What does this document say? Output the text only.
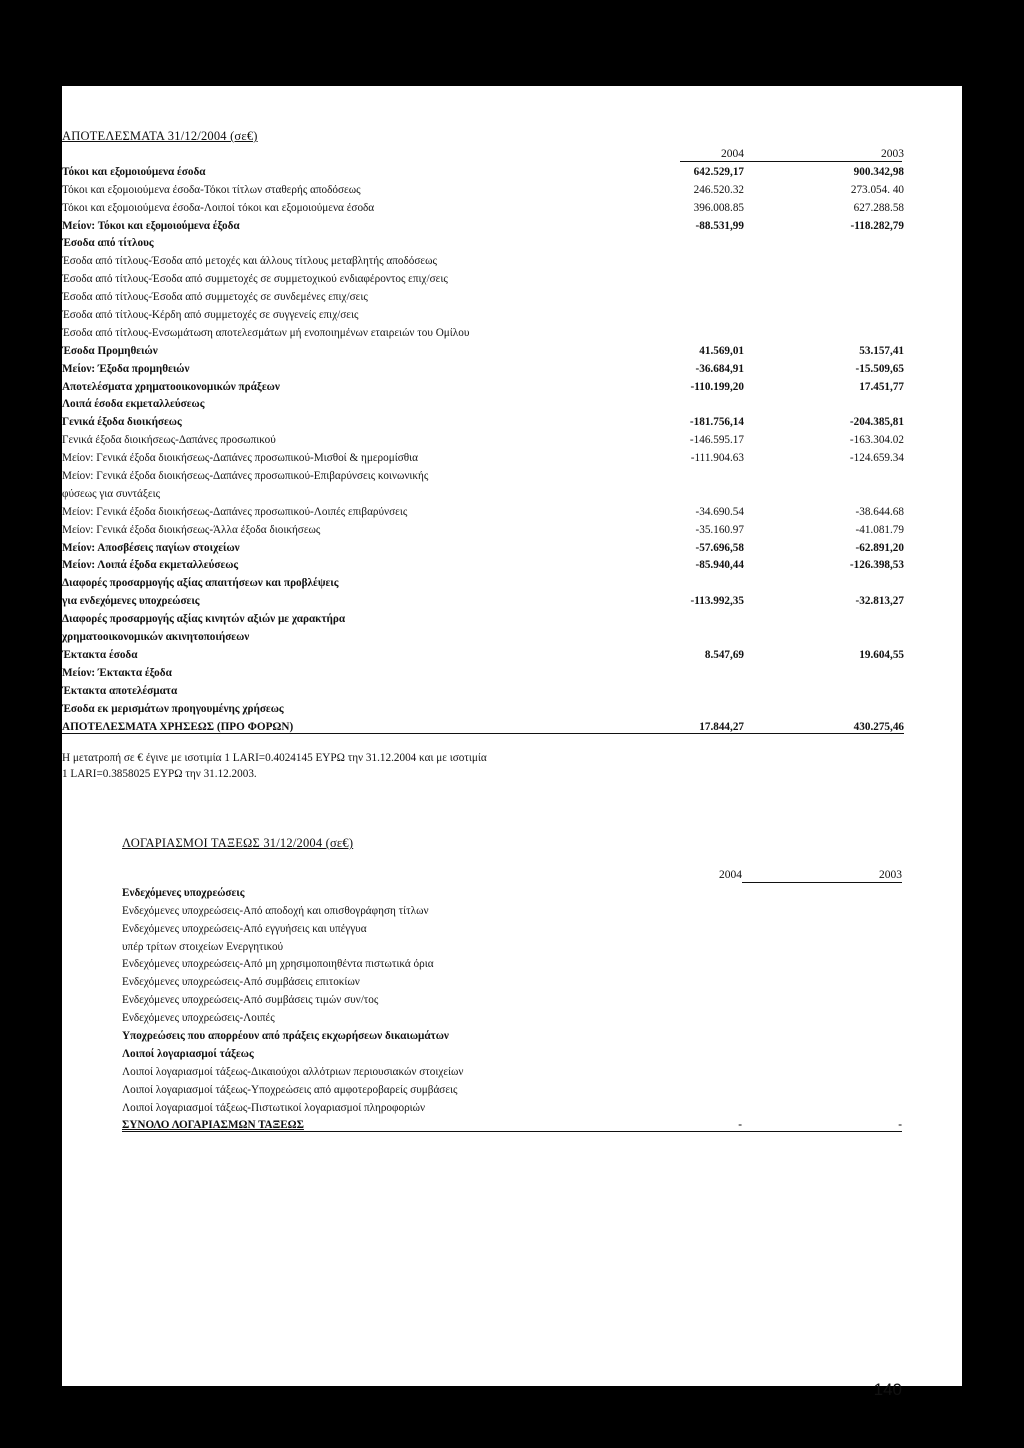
ΑΠΟΤΕΛΕΣΜΑΤΑ 31/12/2004 (σε€)
2004	2003
Τόκοι και εξομοιούμενα έσοδα	642.529,17	900.342,98
Τόκοι και εξομοιούμενα έσοδα-Τόκοι τίτλων σταθερής αποδόσεως	246.520.32	273.054. 40
Τόκοι και εξομοιούμενα έσοδα-Λοιποί τόκοι και εξομοιούμενα έσοδα	396.008.85	627.288.58
Μείον: Τόκοι και εξομοιούμενα έξοδα	-88.531,99	-118.282,79
Έσοδα από τίτλους
Έσοδα από τίτλους-Έσοδα από μετοχές και άλλους τίτλους μεταβλητής αποδόσεως
Έσοδα από τίτλους-Έσοδα από συμμετοχές σε συμμετοχικού ενδιαφέροντος επιχ/σεις
Έσοδα από τίτλους-Έσοδα από συμμετοχές σε συνδεμένες επιχ/σεις
Έσοδα από τίτλους-Κέρδη από συμμετοχές σε συγγενείς επιχ/σεις
Έσοδα από τίτλους-Ενσωμάτωση αποτελεσμάτων μή ενοποιημένων εταιρειών του Ομίλου
Έσοδα Προμηθειών	41.569,01	53.157,41
Μείον: Έξοδα προμηθειών	-36.684,91	-15.509,65
Αποτελέσματα χρηματοοικονομικών πράξεων	-110.199,20	17.451,77
Λοιπά έσοδα εκμεταλλεύσεως
Γενικά έξοδα διοικήσεως	-181.756,14	-204.385,81
Γενικά έξοδα διοικήσεως-Δαπάνες προσωπικού	-146.595.17	-163.304.02
Μείον: Γενικά έξοδα διοικήσεως-Δαπάνες προσωπικού-Μισθοί & ημερομίσθια	-111.904.63	-124.659.34
Μείον: Γενικά έξοδα διοικήσεως-Δαπάνες προσωπικού-Επιβαρύνσεις κοινωνικής
φύσεως για συντάξεις
Μείον: Γενικά έξοδα διοικήσεως-Δαπάνες προσωπικού-Λοιπές επιβαρύνσεις	-34.690.54	-38.644.68
Μείον: Γενικά έξοδα διοικήσεως-Άλλα έξοδα διοικήσεως	-35.160.97	-41.081.79
Μείον: Αποσβέσεις παγίων στοιχείων	-57.696,58	-62.891,20
Μείον: Λοιπά έξοδα εκμεταλλεύσεως	-85.940,44	-126.398,53
Διαφορές προσαρμογής αξίας απαιτήσεων και προβλέψεις
για ενδεχόμενες υποχρεώσεις	-113.992,35	-32.813,27
Διαφορές προσαρμογής αξίας κινητών αξιών με χαρακτήρα
χρηματοοικονομικών ακινητοποιήσεων
Έκτακτα έσοδα	8.547,69	19.604,55
Μείον: Έκτακτα έξοδα
Έκτακτα αποτελέσματα
Έσοδα εκ μερισμάτων προηγουμένης χρήσεως
ΑΠΟΤΕΛΕΣΜΑΤΑ ΧΡΗΣΕΩΣ (ΠΡΟ ΦΟΡΩΝ)	17.844,27	430.275,46
Η μετατροπή σε € έγινε με ισοτιμία 1 LARI=0.4024145 ΕΥΡΩ την 31.12.2004 και με ισοτιμία
1 LARI=0.3858025 ΕΥΡΩ την 31.12.2003.
ΛΟΓΑΡΙΑΣΜΟΙ ΤΑΞΕΩΣ 31/12/2004 (σε€)
2004	2003
Ενδεχόμενες υποχρεώσεις
Ενδεχόμενες υποχρεώσεις-Από αποδοχή και οπισθογράφηση τίτλων
Ενδεχόμενες υποχρεώσεις-Από εγγυήσεις και υπέγγυα
υπέρ τρίτων στοιχείων Ενεργητικού
Ενδεχόμενες υποχρεώσεις-Από μη χρησιμοποιηθέντα πιστωτικά όρια
Ενδεχόμενες υποχρεώσεις-Από συμβάσεις επιτοκίων
Ενδεχόμενες υποχρεώσεις-Από συμβάσεις τιμών συν/τος
Ενδεχόμενες υποχρεώσεις-Λοιπές
Υποχρεώσεις που απορρέουν από πράξεις εκχωρήσεων δικαιωμάτων
Λοιποί λογαριασμοί τάξεως
Λοιποί λογαριασμοί τάξεως-Δικαιούχοι αλλότριων περιουσιακών στοιχείων
Λοιποί λογαριασμοί τάξεως-Υποχρεώσεις από αμφοτεροβαρείς συμβάσεις
Λοιποί λογαριασμοί τάξεως-Πιστωτικοί λογαριασμοί πληροφοριών
ΣΥΝΟΛΟ ΛΟΓΑΡΙΑΣΜΩΝ ΤΑΞΕΩΣ	-	-
140
